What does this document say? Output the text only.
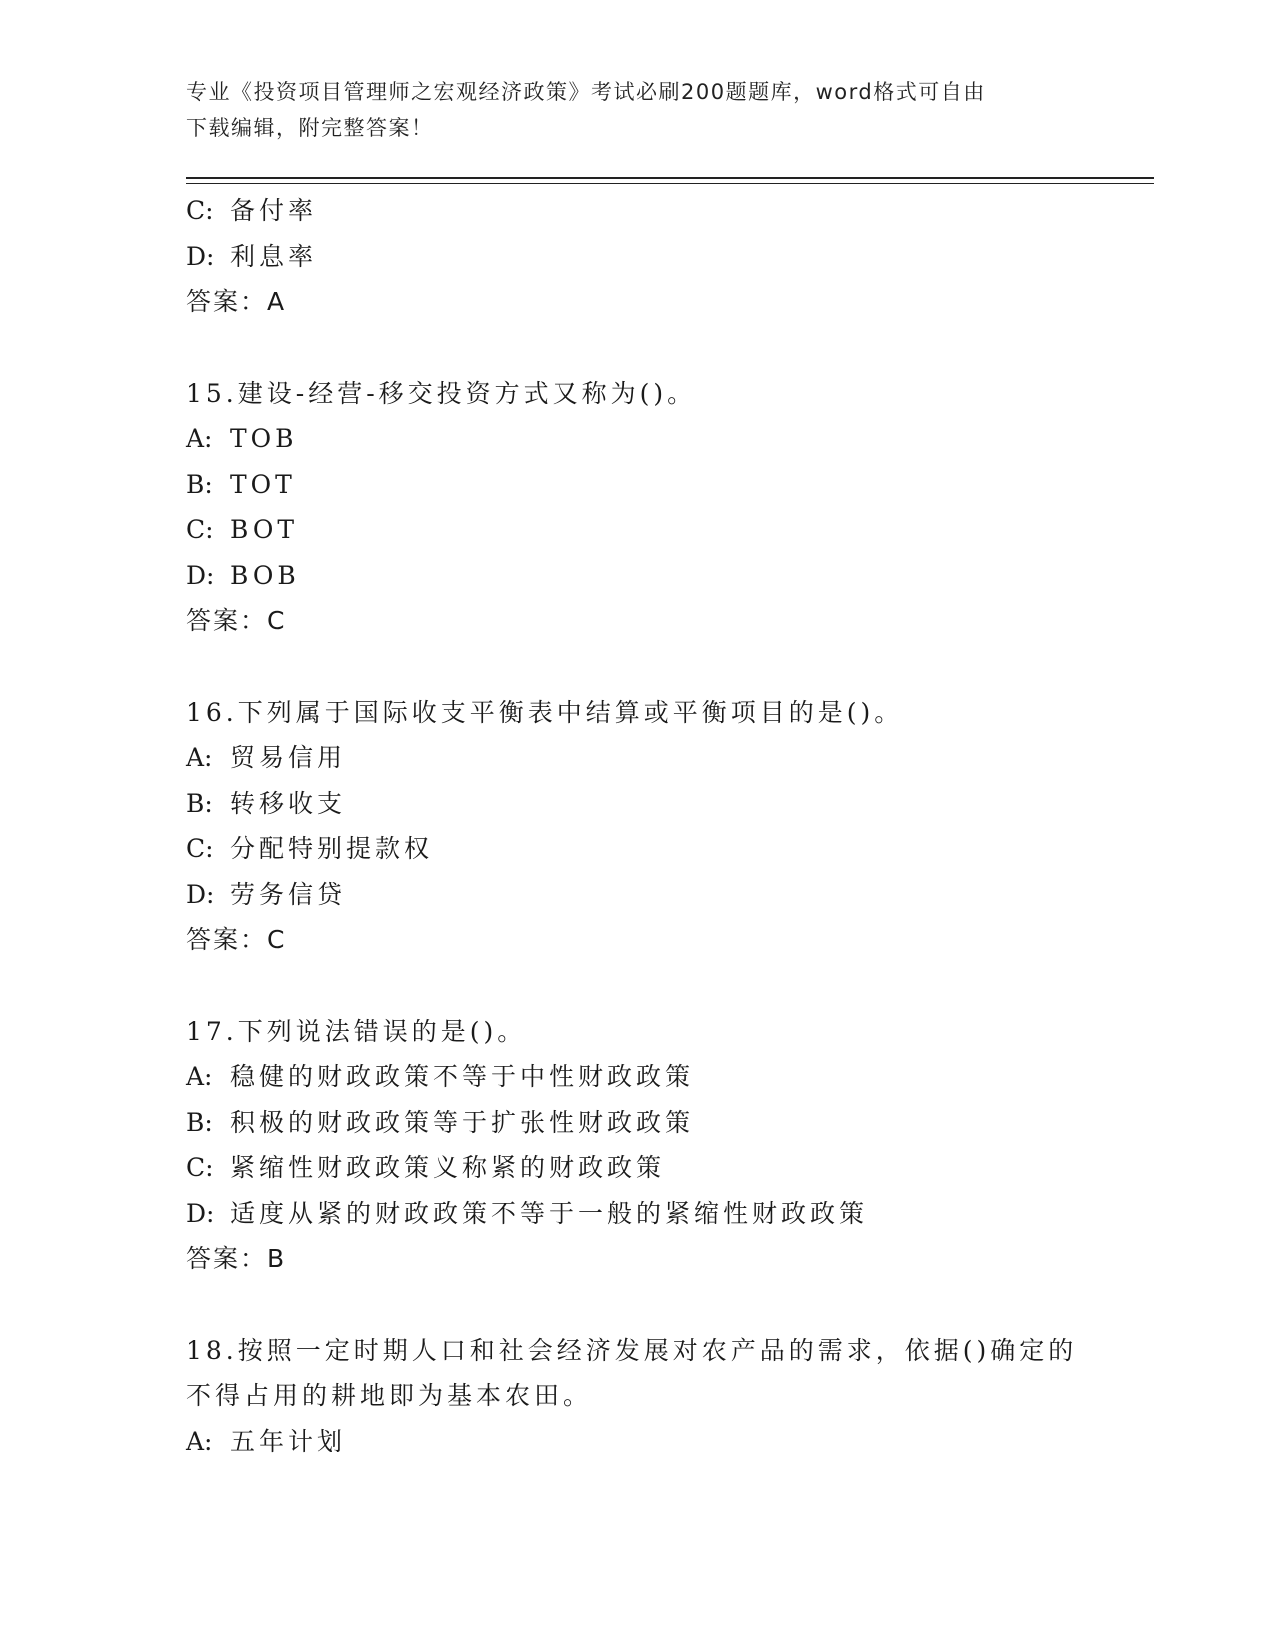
专业《投资项目管理师之宏观经济政策》考试必刷200题题库，word格式可自由
下载编辑，附完整答案！
C: 备付率
D: 利息率
答案：A
15.建设-经营-移交投资方式又称为()。
A: TOB
B: TOT
C: BOT
D: BOB
答案：C
16.下列属于国际收支平衡表中结算或平衡项目的是()。
A: 贸易信用
B: 转移收支
C: 分配特别提款权
D: 劳务信贷
答案：C
17.下列说法错误的是()。
A: 稳健的财政政策不等于中性财政政策
B: 积极的财政政策等于扩张性财政政策
C: 紧缩性财政政策义称紧的财政政策
D: 适度从紧的财政政策不等于一般的紧缩性财政政策
答案：B
18.按照一定时期人口和社会经济发展对农产品的需求，依据()确定的
不得占用的耕地即为基本农田。
A: 五年计划
